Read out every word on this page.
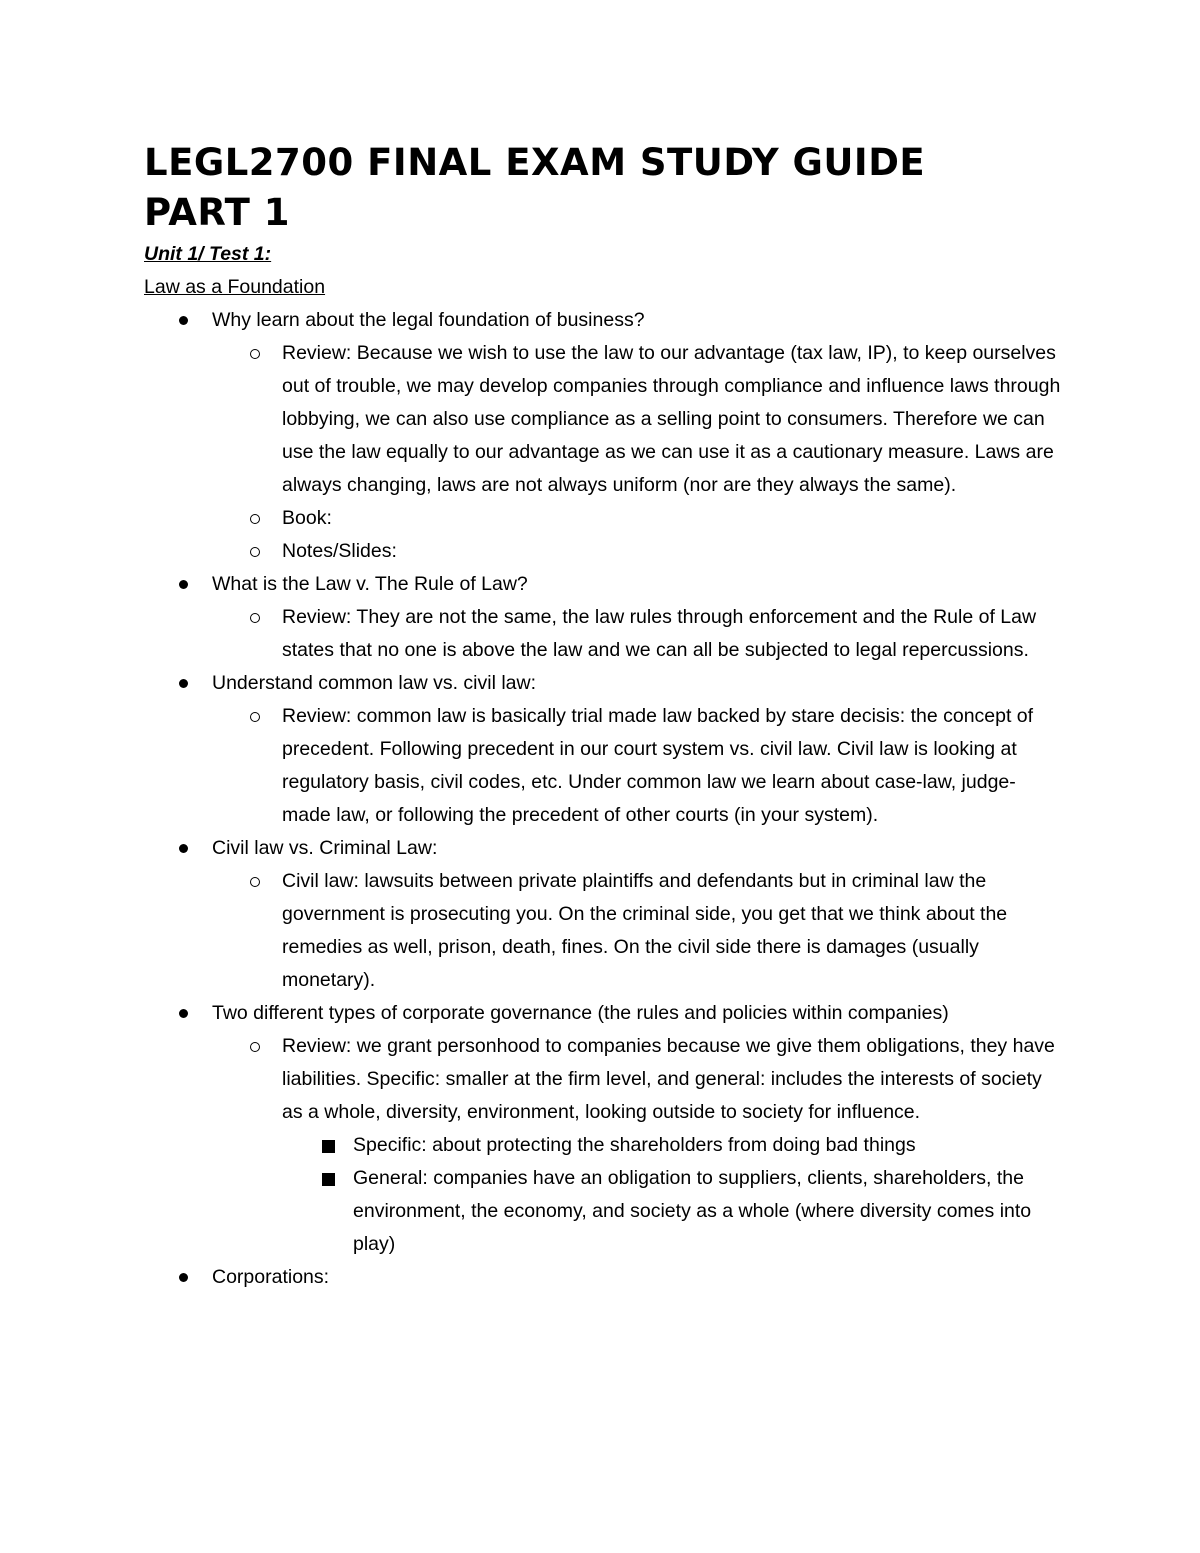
LEGL2700 FINAL EXAM STUDY GUIDE
PART 1
Unit 1/ Test 1:
Law as a Foundation
Why learn about the legal foundation of business?
Review: Because we wish to use the law to our advantage (tax law, IP), to keep ourselves out of trouble, we may develop companies through compliance and influence laws through lobbying, we can also use compliance as a selling point to consumers. Therefore we can use the law equally to our advantage as we can use it as a cautionary measure. Laws are always changing, laws are not always uniform (nor are they always the same).
Book:
Notes/Slides:
What is the Law v. The Rule of Law?
Review: They are not the same, the law rules through enforcement and the Rule of Law states that no one is above the law and we can all be subjected to legal repercussions.
Understand common law vs. civil law:
Review: common law is basically trial made law backed by stare decisis: the concept of precedent. Following precedent in our court system vs. civil law. Civil law is looking at regulatory basis, civil codes, etc. Under common law we learn about case-law, judge-made law, or following the precedent of other courts (in your system).
Civil law vs. Criminal Law:
Civil law: lawsuits between private plaintiffs and defendants but in criminal law the government is prosecuting you. On the criminal side, you get that we think about the remedies as well, prison, death, fines. On the civil side there is damages (usually monetary).
Two different types of corporate governance (the rules and policies within companies)
Review: we grant personhood to companies because we give them obligations, they have liabilities. Specific: smaller at the firm level, and general: includes the interests of society as a whole, diversity, environment, looking outside to society for influence.
Specific: about protecting the shareholders from doing bad things
General: companies have an obligation to suppliers, clients, shareholders, the environment, the economy, and society as a whole (where diversity comes into play)
Corporations:
